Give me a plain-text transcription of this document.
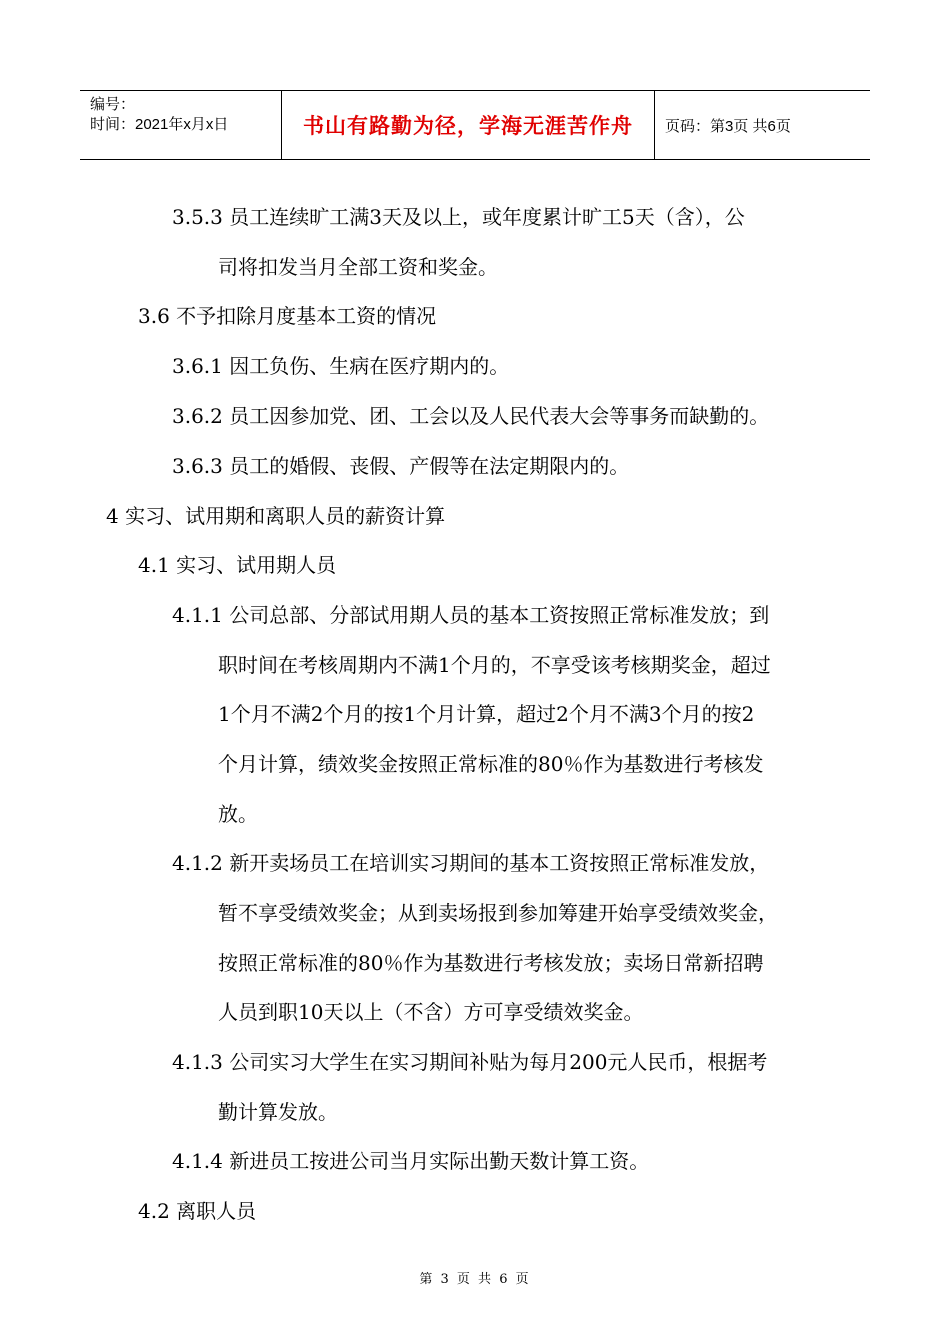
编号：
时间：2021年x月x日	书山有路勤为径，学海无涯苦作舟 页码：第3页 共6页
3.5.3 员工连续旷工满3天及以上，或年度累计旷工5天（含），公
司将扣发当月全部工资和奖金。
3.6 不予扣除月度基本工资的情况
3.6.1 因工负伤、生病在医疗期内的。
3.6.2 员工因参加党、团、工会以及人民代表大会等事务而缺勤的。
3.6.3 员工的婚假、丧假、产假等在法定期限内的。
4 实习、试用期和离职人员的薪资计算
4.1 实习、试用期人员
4.1.1 公司总部、分部试用期人员的基本工资按照正常标准发放；到
职时间在考核周期内不满1个月的，不享受该考核期奖金，超过
1个月不满2个月的按1个月计算，超过2个月不满3个月的按2
个月计算，绩效奖金按照正常标准的80％作为基数进行考核发
放。
4.1.2 新开卖场员工在培训实习期间的基本工资按照正常标准发放，
暂不享受绩效奖金；从到卖场报到参加筹建开始享受绩效奖金，
按照正常标准的80％作为基数进行考核发放；卖场日常新招聘
人员到职10天以上（不含）方可享受绩效奖金。
4.1.3 公司实习大学生在实习期间补贴为每月200元人民币，根据考
勤计算发放。
4.1.4 新进员工按进公司当月实际出勤天数计算工资。
4.2 离职人员
第 3 页 共 6 页
